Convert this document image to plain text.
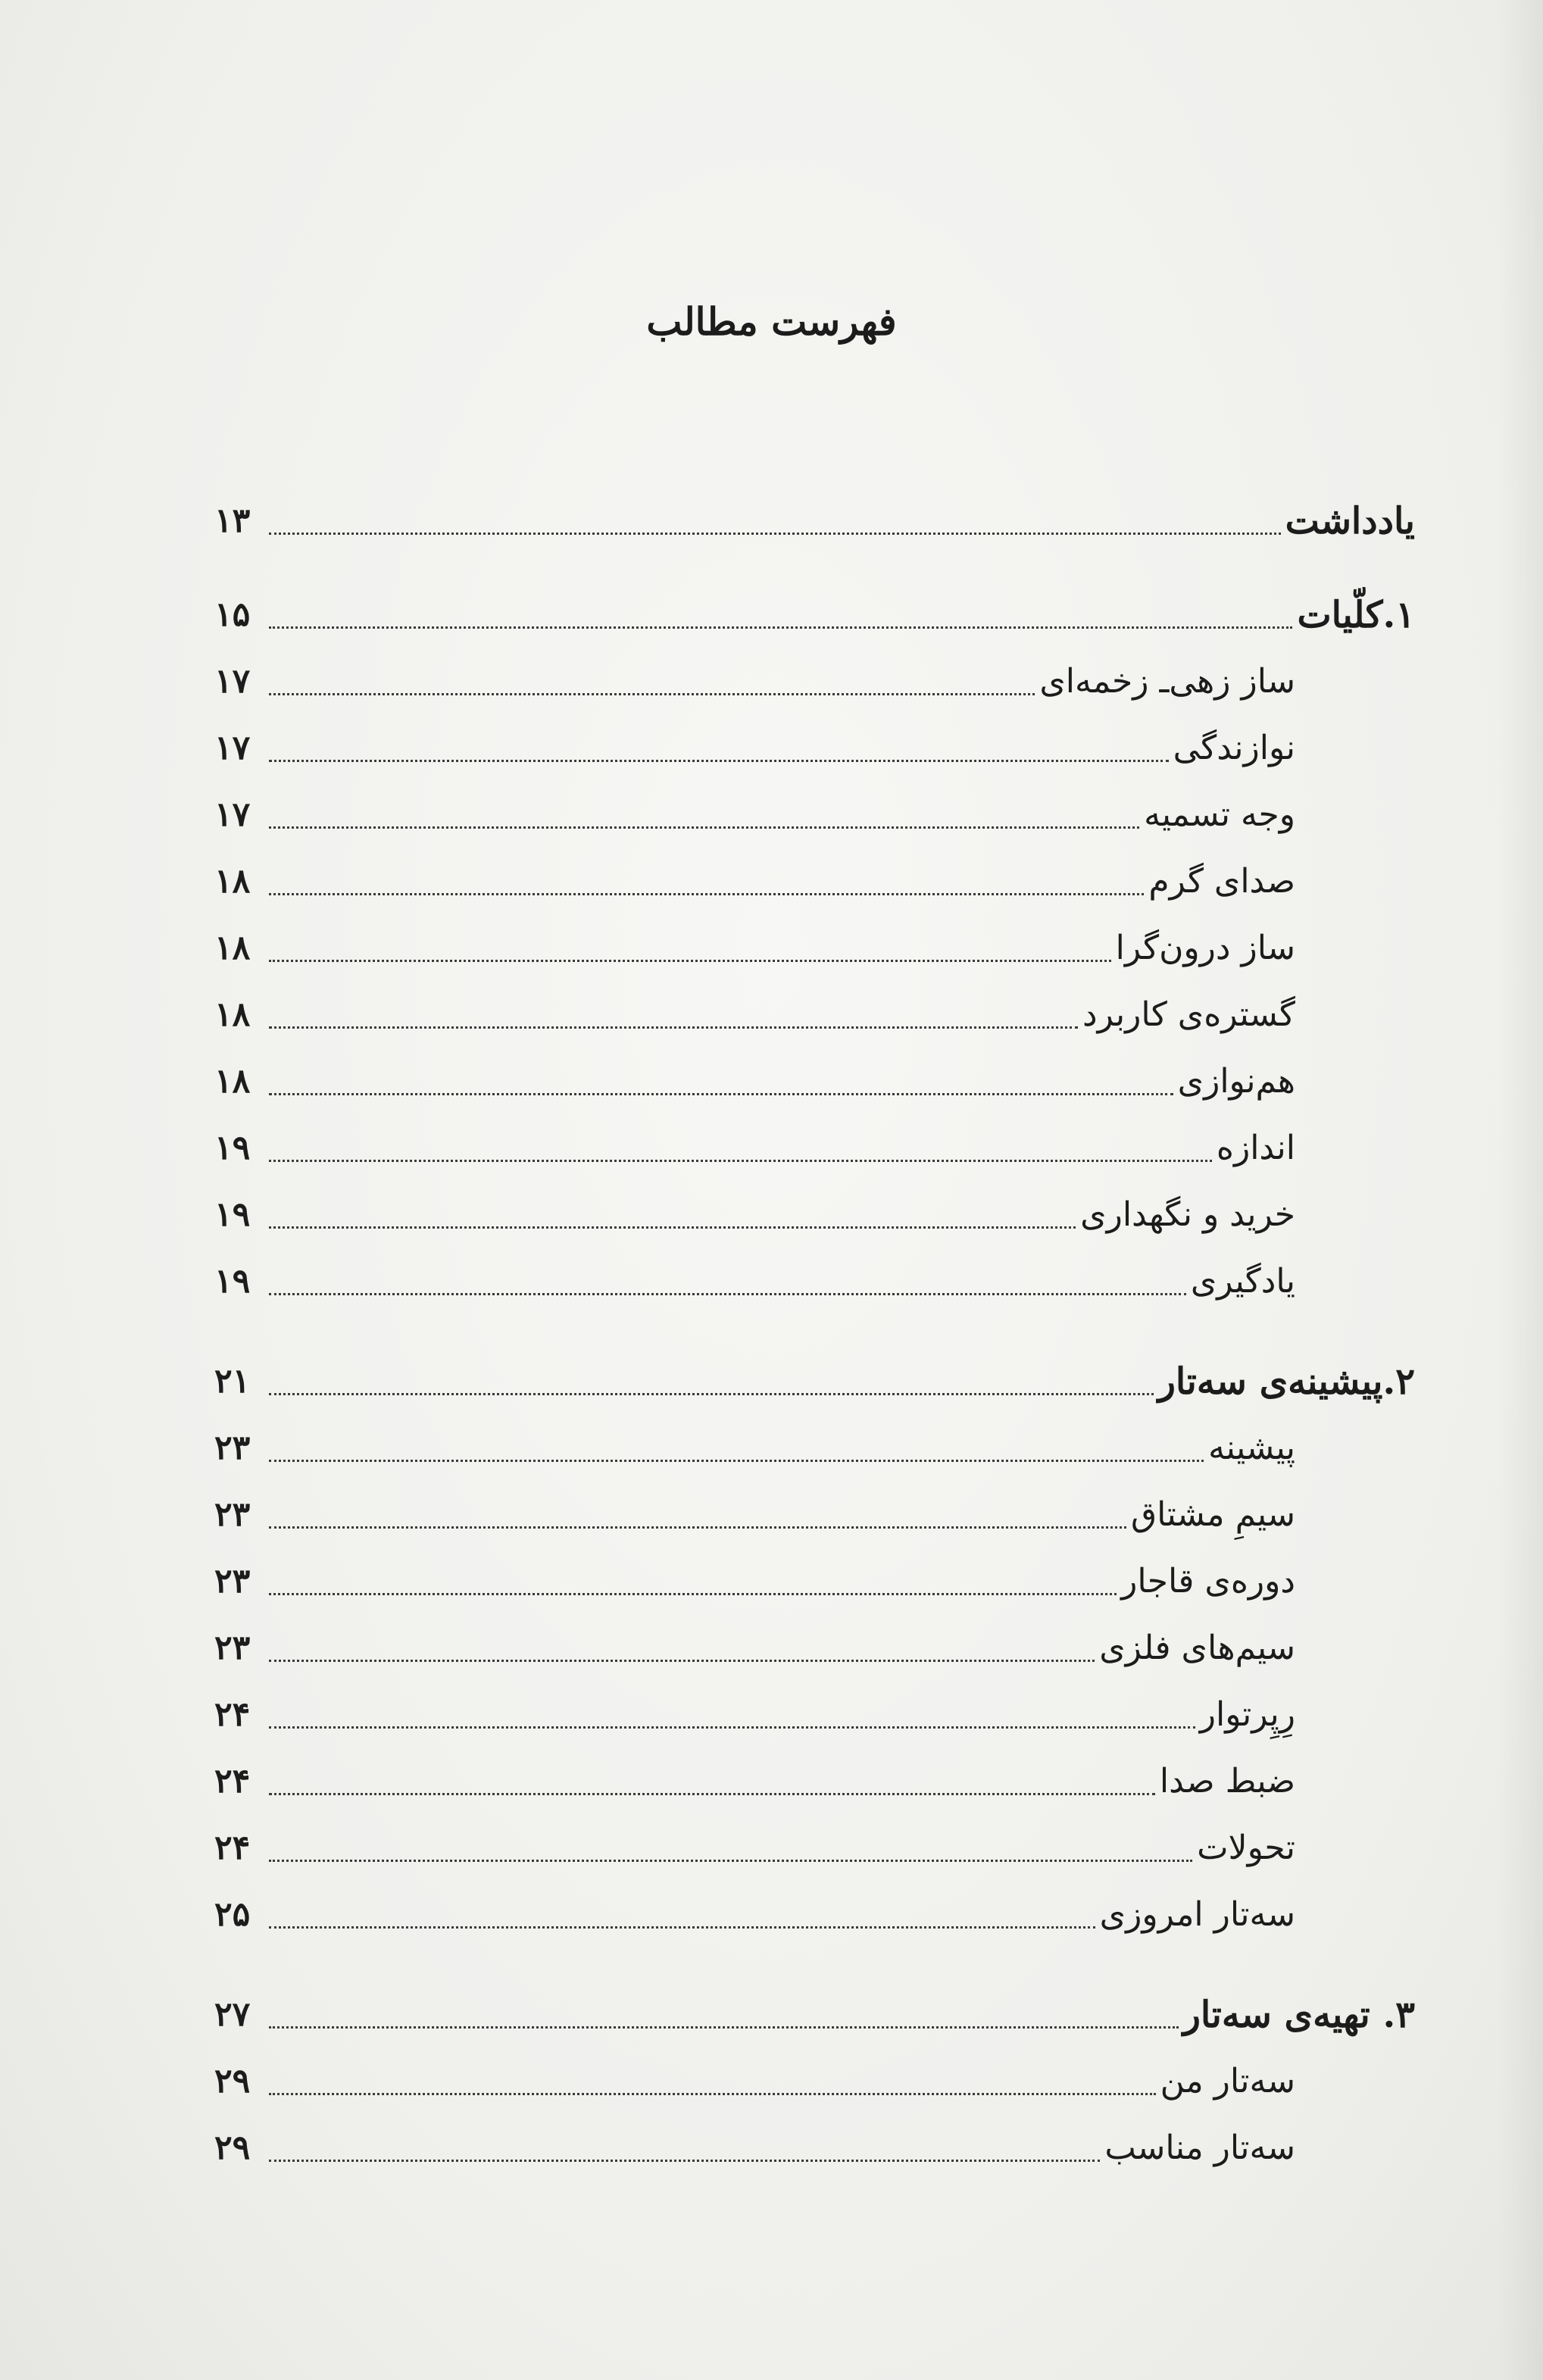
فهرست مطالب
یادداشت
۱۳
۱.کلّیات
۱۵
ساز زهی‌ـ زخمه‌ای
۱۷
نوازندگی
۱۷
وجه تسمیه
۱۷
صدای گرم
۱۸
ساز درون‌گرا
۱۸
گستره‌ی کاربرد
۱۸
هم‌نوازی
۱۸
اندازه
۱۹
خرید و نگهداری
۱۹
یادگیری
۱۹
۲.پیشینه‌ی سه‌تار
۲۱
پیشینه
۲۳
سیمِ مشتاق
۲۳
دوره‌ی قاجار
۲۳
سیم‌های فلزی
۲۳
رِپِرتوار
۲۴
ضبط صدا
۲۴
تحولات
۲۴
سه‌تار امروزی
۲۵
۳. تهیه‌ی سه‌تار
۲۷
سه‌تار من
۲۹
سه‌تار مناسب
۲۹
